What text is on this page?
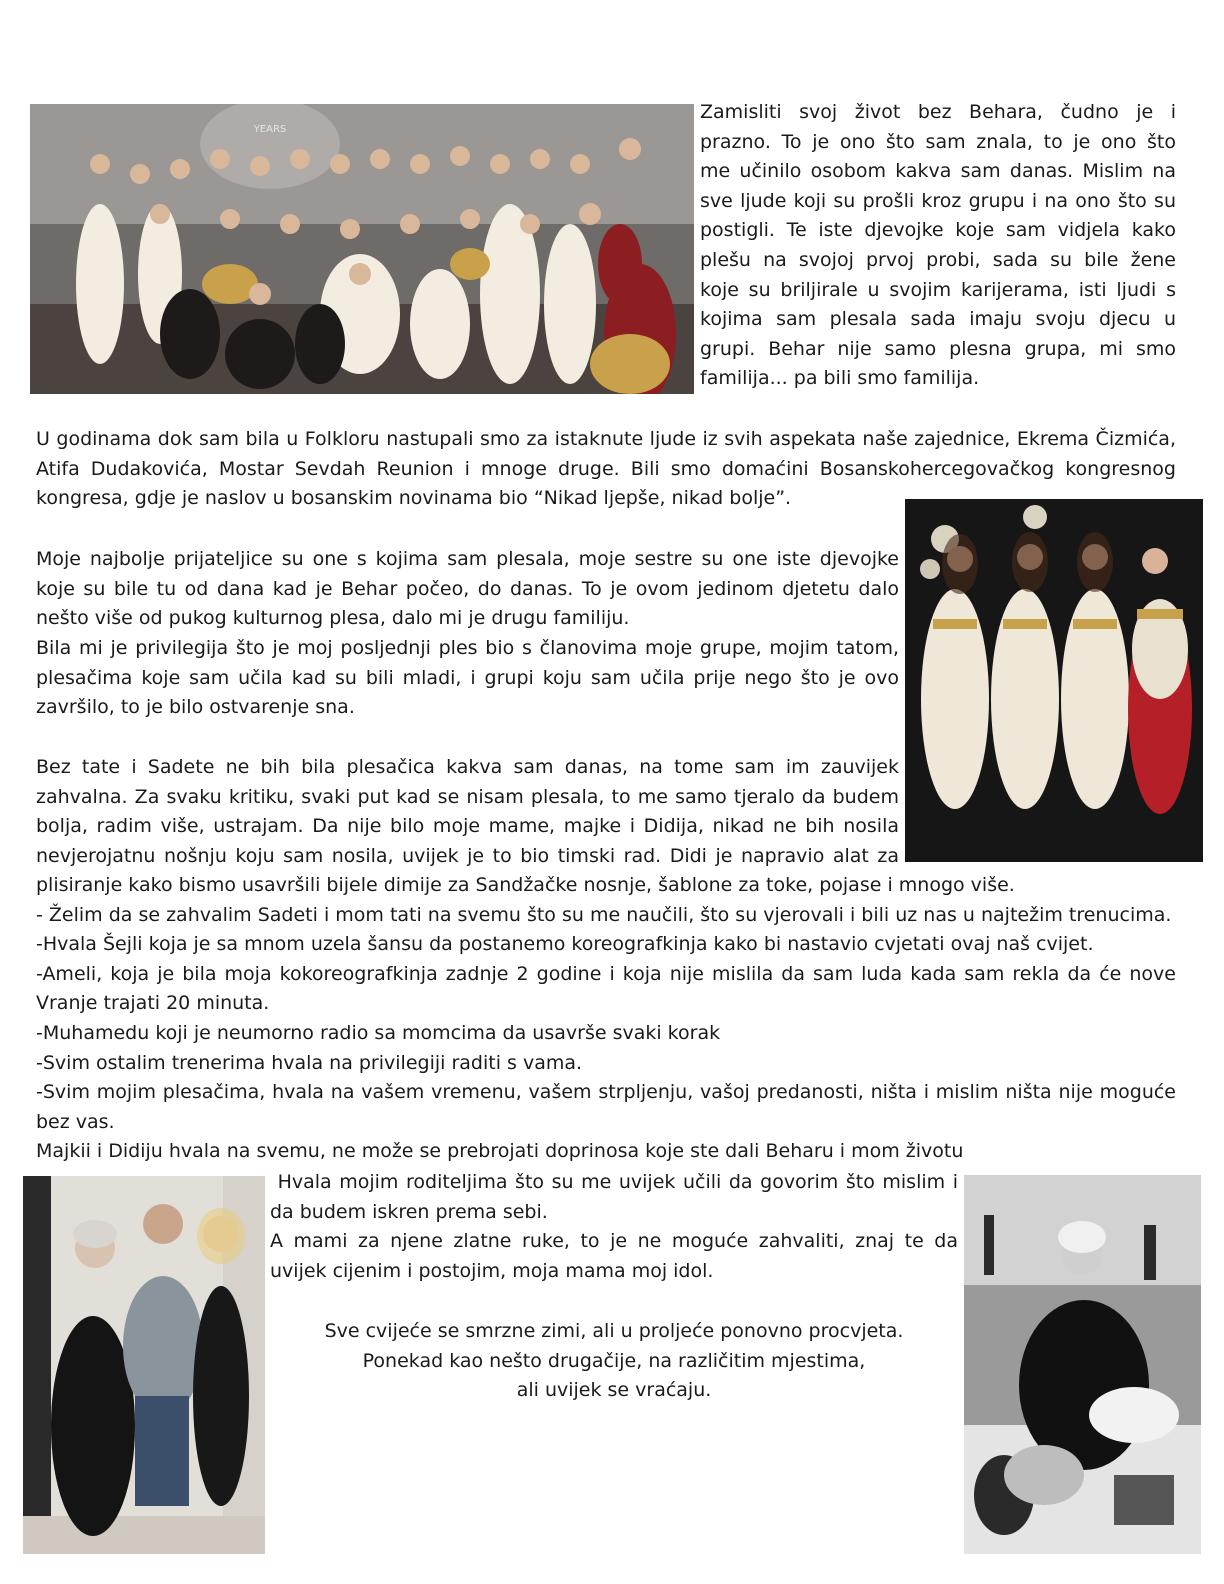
YEARS
Zamisliti svoj život bez Behara, čudno je i
prazno. To je ono što sam znala, to je ono što
me učinilo osobom kakva sam danas. Mislim na
sve ljude koji su prošli kroz grupu i na ono što su
postigli. Te iste djevojke koje sam vidjela kako
plešu na svojoj prvoj probi, sada su bile žene
koje su briljirale u svojim karijerama, isti ljudi s
kojima sam plesala sada imaju svoju djecu u
grupi. Behar nije samo plesna grupa, mi smo
familija... pa bili smo familija.
U godinama dok sam bila u Folkloru nastupali smo za istaknute ljude iz svih aspekata naše zajednice, Ekrema Čizmića,
Atifa Dudakovića, Mostar Sevdah Reunion i mnoge druge. Bili smo domaćini Bosanskohercegovačkog kongresnog
kongresa, gdje je naslov u bosanskim novinama bio “Nikad ljepše, nikad bolje”.
Moje najbolje prijateljice su one s kojima sam plesala, moje sestre su one iste djevojke
koje su bile tu od dana kad je Behar počeo, do danas. To je ovom jedinom djetetu dalo
nešto više od pukog kulturnog plesa, dalo mi je drugu familiju.
Bila mi je privilegija što je moj posljednji ples bio s članovima moje grupe, mojim tatom,
plesačima koje sam učila kad su bili mladi, i grupi koju sam učila prije nego što je ovo
završilo, to je bilo ostvarenje sna.
Bez tate i Sadete ne bih bila plesačica kakva sam danas, na tome sam im zauvijek
zahvalna. Za svaku kritiku, svaki put kad se nisam plesala, to me samo tjeralo da budem
bolja, radim više, ustrajam. Da nije bilo moje mame, majke i Didija, nikad ne bih nosila
nevjerojatnu nošnju koju sam nosila, uvijek je to bio timski rad. Didi je napravio alat za
plisiranje kako bismo usavršili bijele dimije za Sandžačke nosnje, šablone za toke, pojase i mnogo više.
- Želim da se zahvalim Sadeti i mom tati na svemu što su me naučili, što su vjerovali i bili uz nas u najtežim trenucima.
-Hvala Šejli koja je sa mnom uzela šansu da postanemo koreografkinja kako bi nastavio cvjetati ovaj naš cvijet.
-Ameli, koja je bila moja kokoreografkinja zadnje 2 godine i koja nije mislila da sam luda kada sam rekla da će nove
Vranje trajati 20 minuta.
-Muhamedu koji je neumorno radio sa momcima da usavrše svaki korak
-Svim ostalim trenerima hvala na privilegiji raditi s vama.
-Svim mojim plesačima, hvala na vašem vremenu, vašem strpljenju, vašoj predanosti, ništa i mislim ništa nije moguće
bez vas.
Majkii i Didiju hvala na svemu, ne može se prebrojati doprinosa koje ste dali Beharu i mom životu
Hvala mojim roditeljima što su me uvijek učili da govorim što mislim i
da budem iskren prema sebi.
A mami za njene zlatne ruke, to je ne moguće zahvaliti, znaj te da
uvijek cijenim i postojim, moja mama moj idol.
Sve cvijeće se smrzne zimi, ali u proljeće ponovno procvjeta.
Ponekad kao nešto drugačije, na različitim mjestima,
ali uvijek se vraćaju.
